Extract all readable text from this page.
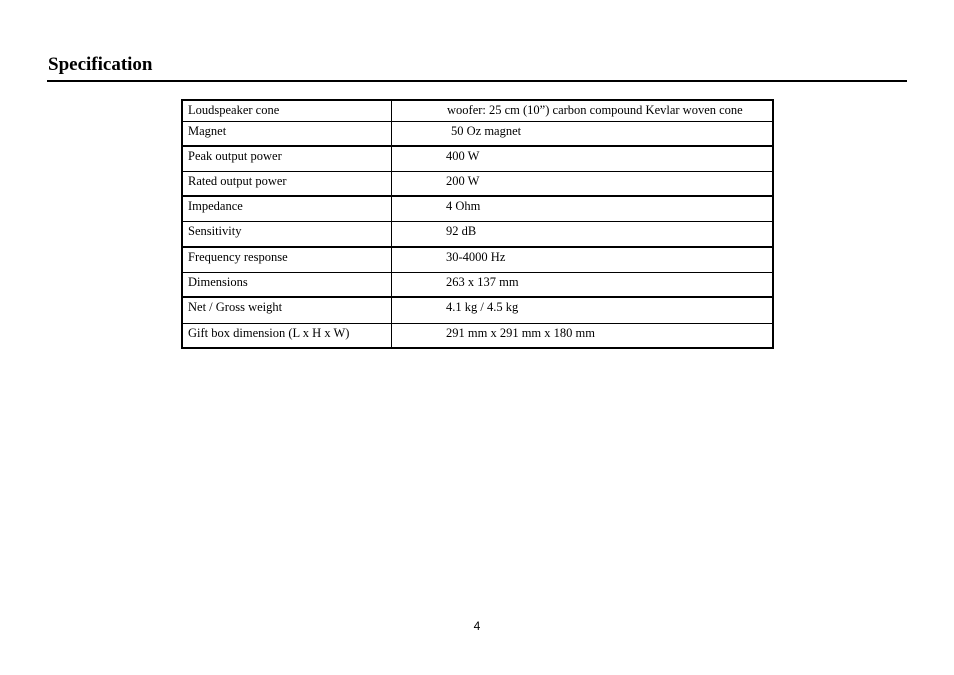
Specification
Loudspeaker cone	woofer: 25 cm (10”) carbon compound Kevlar woven cone
Magnet	50 Oz magnet
Peak output power	400 W
Rated output power	200 W
Impedance	4 Ohm
Sensitivity	92 dB
Frequency response	30-4000 Hz
Dimensions	263 x 137 mm
Net / Gross weight	4.1 kg / 4.5 kg
Gift box dimension (L x H x W)	291 mm x 291 mm x 180 mm
4
